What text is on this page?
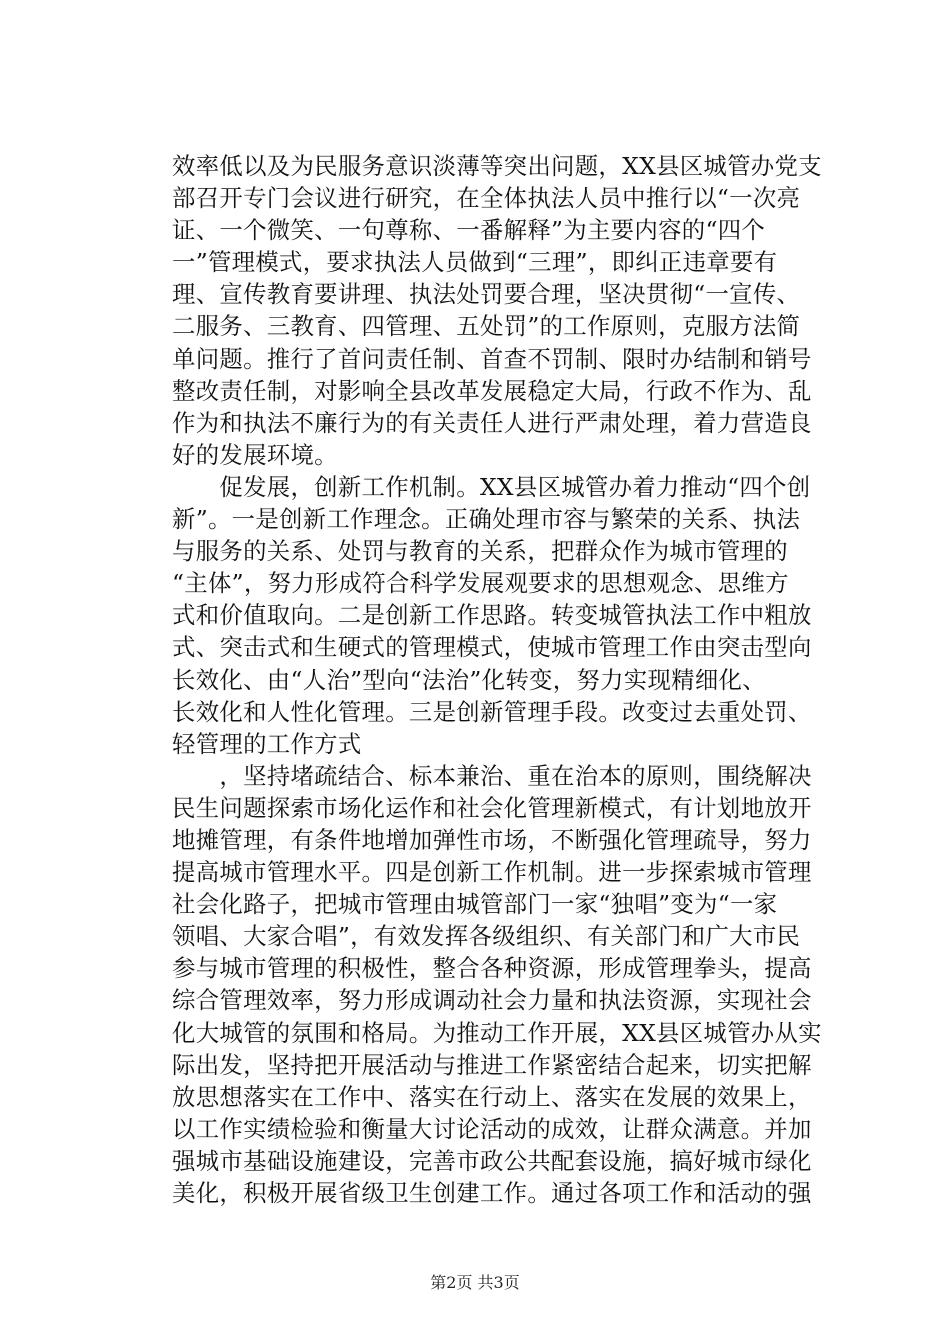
效率低以及为民服务意识淡薄等突出问题，XX县区城管办党支
部召开专门会议进行研究，在全体执法人员中推行以“一次亮
证、一个微笑、一句尊称、一番解释”为主要内容的“四个
一”管理模式，要求执法人员做到“三理”，即纠正违章要有
理、宣传教育要讲理、执法处罚要合理，坚决贯彻“一宣传、
二服务、三教育、四管理、五处罚”的工作原则，克服方法简
单问题。推行了首问责任制、首查不罚制、限时办结制和销号
整改责任制，对影响全县改革发展稳定大局，行政不作为、乱
作为和执法不廉行为的有关责任人进行严肃处理，着力营造良
好的发展环境。
　　促发展，创新工作机制。XX县区城管办着力推动“四个创
新”。一是创新工作理念。正确处理市容与繁荣的关系、执法
与服务的关系、处罚与教育的关系，把群众作为城市管理的
“主体”，努力形成符合科学发展观要求的思想观念、思维方
式和价值取向。二是创新工作思路。转变城管执法工作中粗放
式、突击式和生硬式的管理模式，使城市管理工作由突击型向
长效化、由“人治”型向“法治”化转变，努力实现精细化、
长效化和人性化管理。三是创新管理手段。改变过去重处罚、
轻管理的工作方式
　　，坚持堵疏结合、标本兼治、重在治本的原则，围绕解决
民生问题探索市场化运作和社会化管理新模式，有计划地放开
地摊管理，有条件地增加弹性市场，不断强化管理疏导，努力
提高城市管理水平。四是创新工作机制。进一步探索城市管理
社会化路子，把城市管理由城管部门一家“独唱”变为“一家
领唱、大家合唱”，有效发挥各级组织、有关部门和广大市民
参与城市管理的积极性，整合各种资源，形成管理拳头，提高
综合管理效率，努力形成调动社会力量和执法资源，实现社会
化大城管的氛围和格局。为推动工作开展，XX县区城管办从实
际出发，坚持把开展活动与推进工作紧密结合起来，切实把解
放思想落实在工作中、落实在行动上、落实在发展的效果上，
以工作实绩检验和衡量大讨论活动的成效，让群众满意。并加
强城市基础设施建设，完善市政公共配套设施，搞好城市绿化
美化，积极开展省级卫生创建工作。通过各项工作和活动的强

第2页 共3页
